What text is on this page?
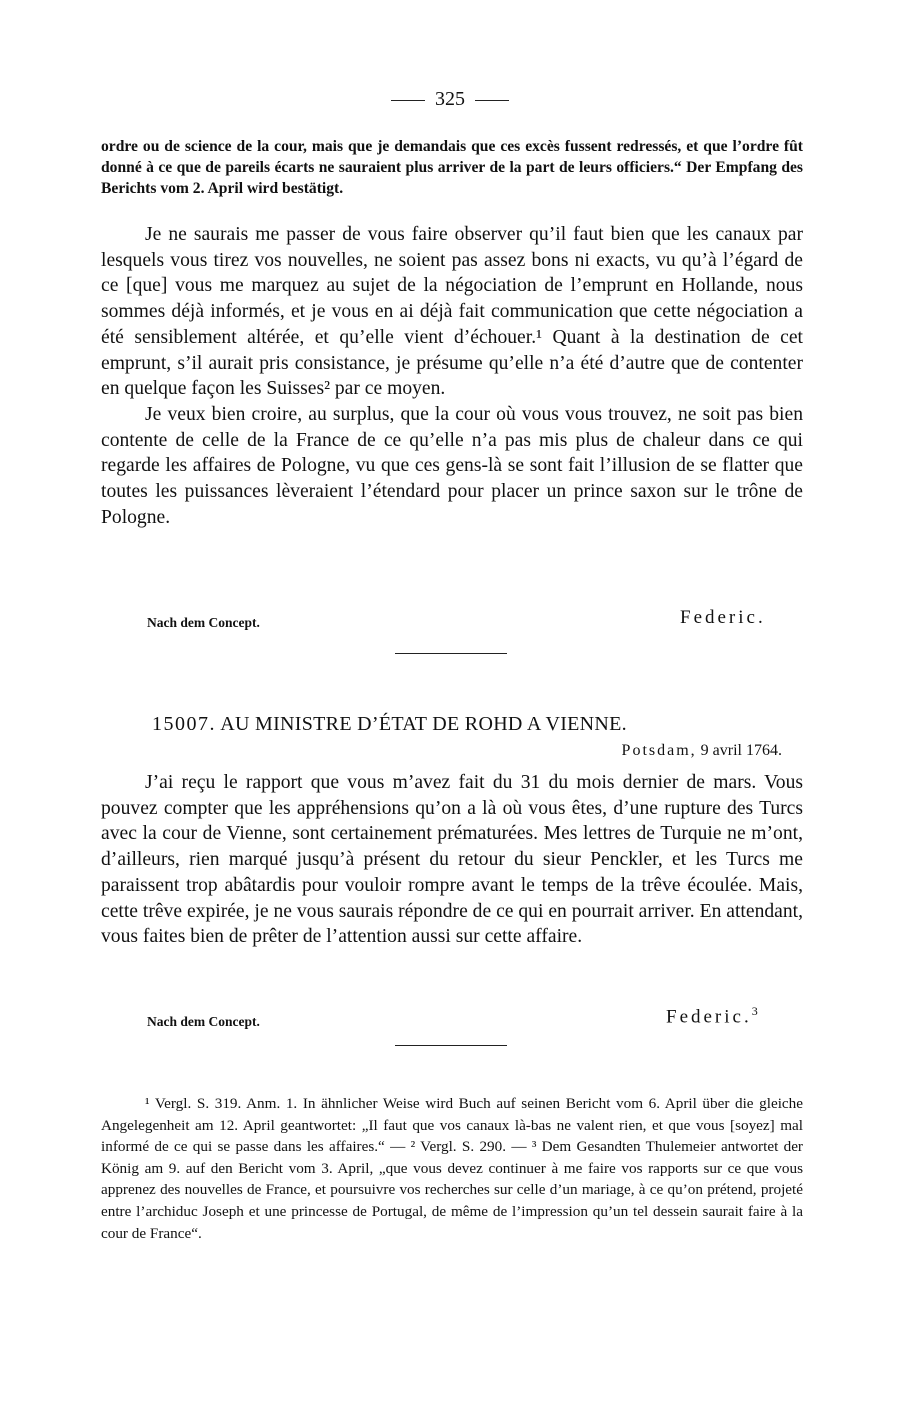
325

ordre ou de science de la cour, mais que je demandais que ces excès fussent redressés, et que l’ordre fût donné à ce que de pareils écarts ne sauraient plus arriver de la part de leurs officiers.“ Der Empfang des Berichts vom 2. April wird bestätigt.

Je ne saurais me passer de vous faire observer qu’il faut bien que les canaux par lesquels vous tirez vos nouvelles, ne soient pas assez bons ni exacts, vu qu’à l’égard de ce [que] vous me marquez au sujet de la négociation de l’emprunt en Hollande, nous sommes déjà informés, et je vous en ai déjà fait communication que cette négociation a été sensiblement altérée, et qu’elle vient d’échouer.¹ Quant à la destination de cet emprunt, s’il aurait pris consistance, je présume qu’elle n’a été d’autre que de contenter en quelque façon les Suisses² par ce moyen.

Je veux bien croire, au surplus, que la cour où vous vous trouvez, ne soit pas bien contente de celle de la France de ce qu’elle n’a pas mis plus de chaleur dans ce qui regarde les affaires de Pologne, vu que ces gens-là se sont fait l’illusion de se flatter que toutes les puissances lèveraient l’étendard pour placer un prince saxon sur le trône de Pologne.

Nach dem Concept.	Federic.
15007. AU MINISTRE D’ÉTAT DE ROHD A VIENNE.
Potsdam, 9 avril 1764.

J’ai reçu le rapport que vous m’avez fait du 31 du mois dernier de mars. Vous pouvez compter que les appréhensions qu’on a là où vous êtes, d’une rupture des Turcs avec la cour de Vienne, sont certainement prématurées. Mes lettres de Turquie ne m’ont, d’ailleurs, rien marqué jusqu’à présent du retour du sieur Penckler, et les Turcs me paraissent trop abâtardis pour vouloir rompre avant le temps de la trêve écoulée. Mais, cette trêve expirée, je ne vous saurais répondre de ce qui en pourrait arriver. En attendant, vous faites bien de prêter de l’attention aussi sur cette affaire.

Nach dem Concept.	Federic.$^3$

¹ Vergl. S. 319. Anm. 1. In ähnlicher Weise wird Buch auf seinen Bericht vom 6. April über die gleiche Angelegenheit am 12. April geantwortet: „Il faut que vos canaux là-bas ne valent rien, et que vous [soyez] mal informé de ce qui se passe dans les affaires.“ — ² Vergl. S. 290. — ³ Dem Gesandten Thulemeier antwortet der König am 9. auf den Bericht vom 3. April, „que vous devez continuer à me faire vos rapports sur ce que vous apprenez des nouvelles de France, et poursuivre vos recherches sur celle d’un mariage, à ce qu’on prétend, projeté entre l’archiduc Joseph et une princesse de Portugal, de même de l’impression qu’un tel dessein saurait faire à la cour de France“.
